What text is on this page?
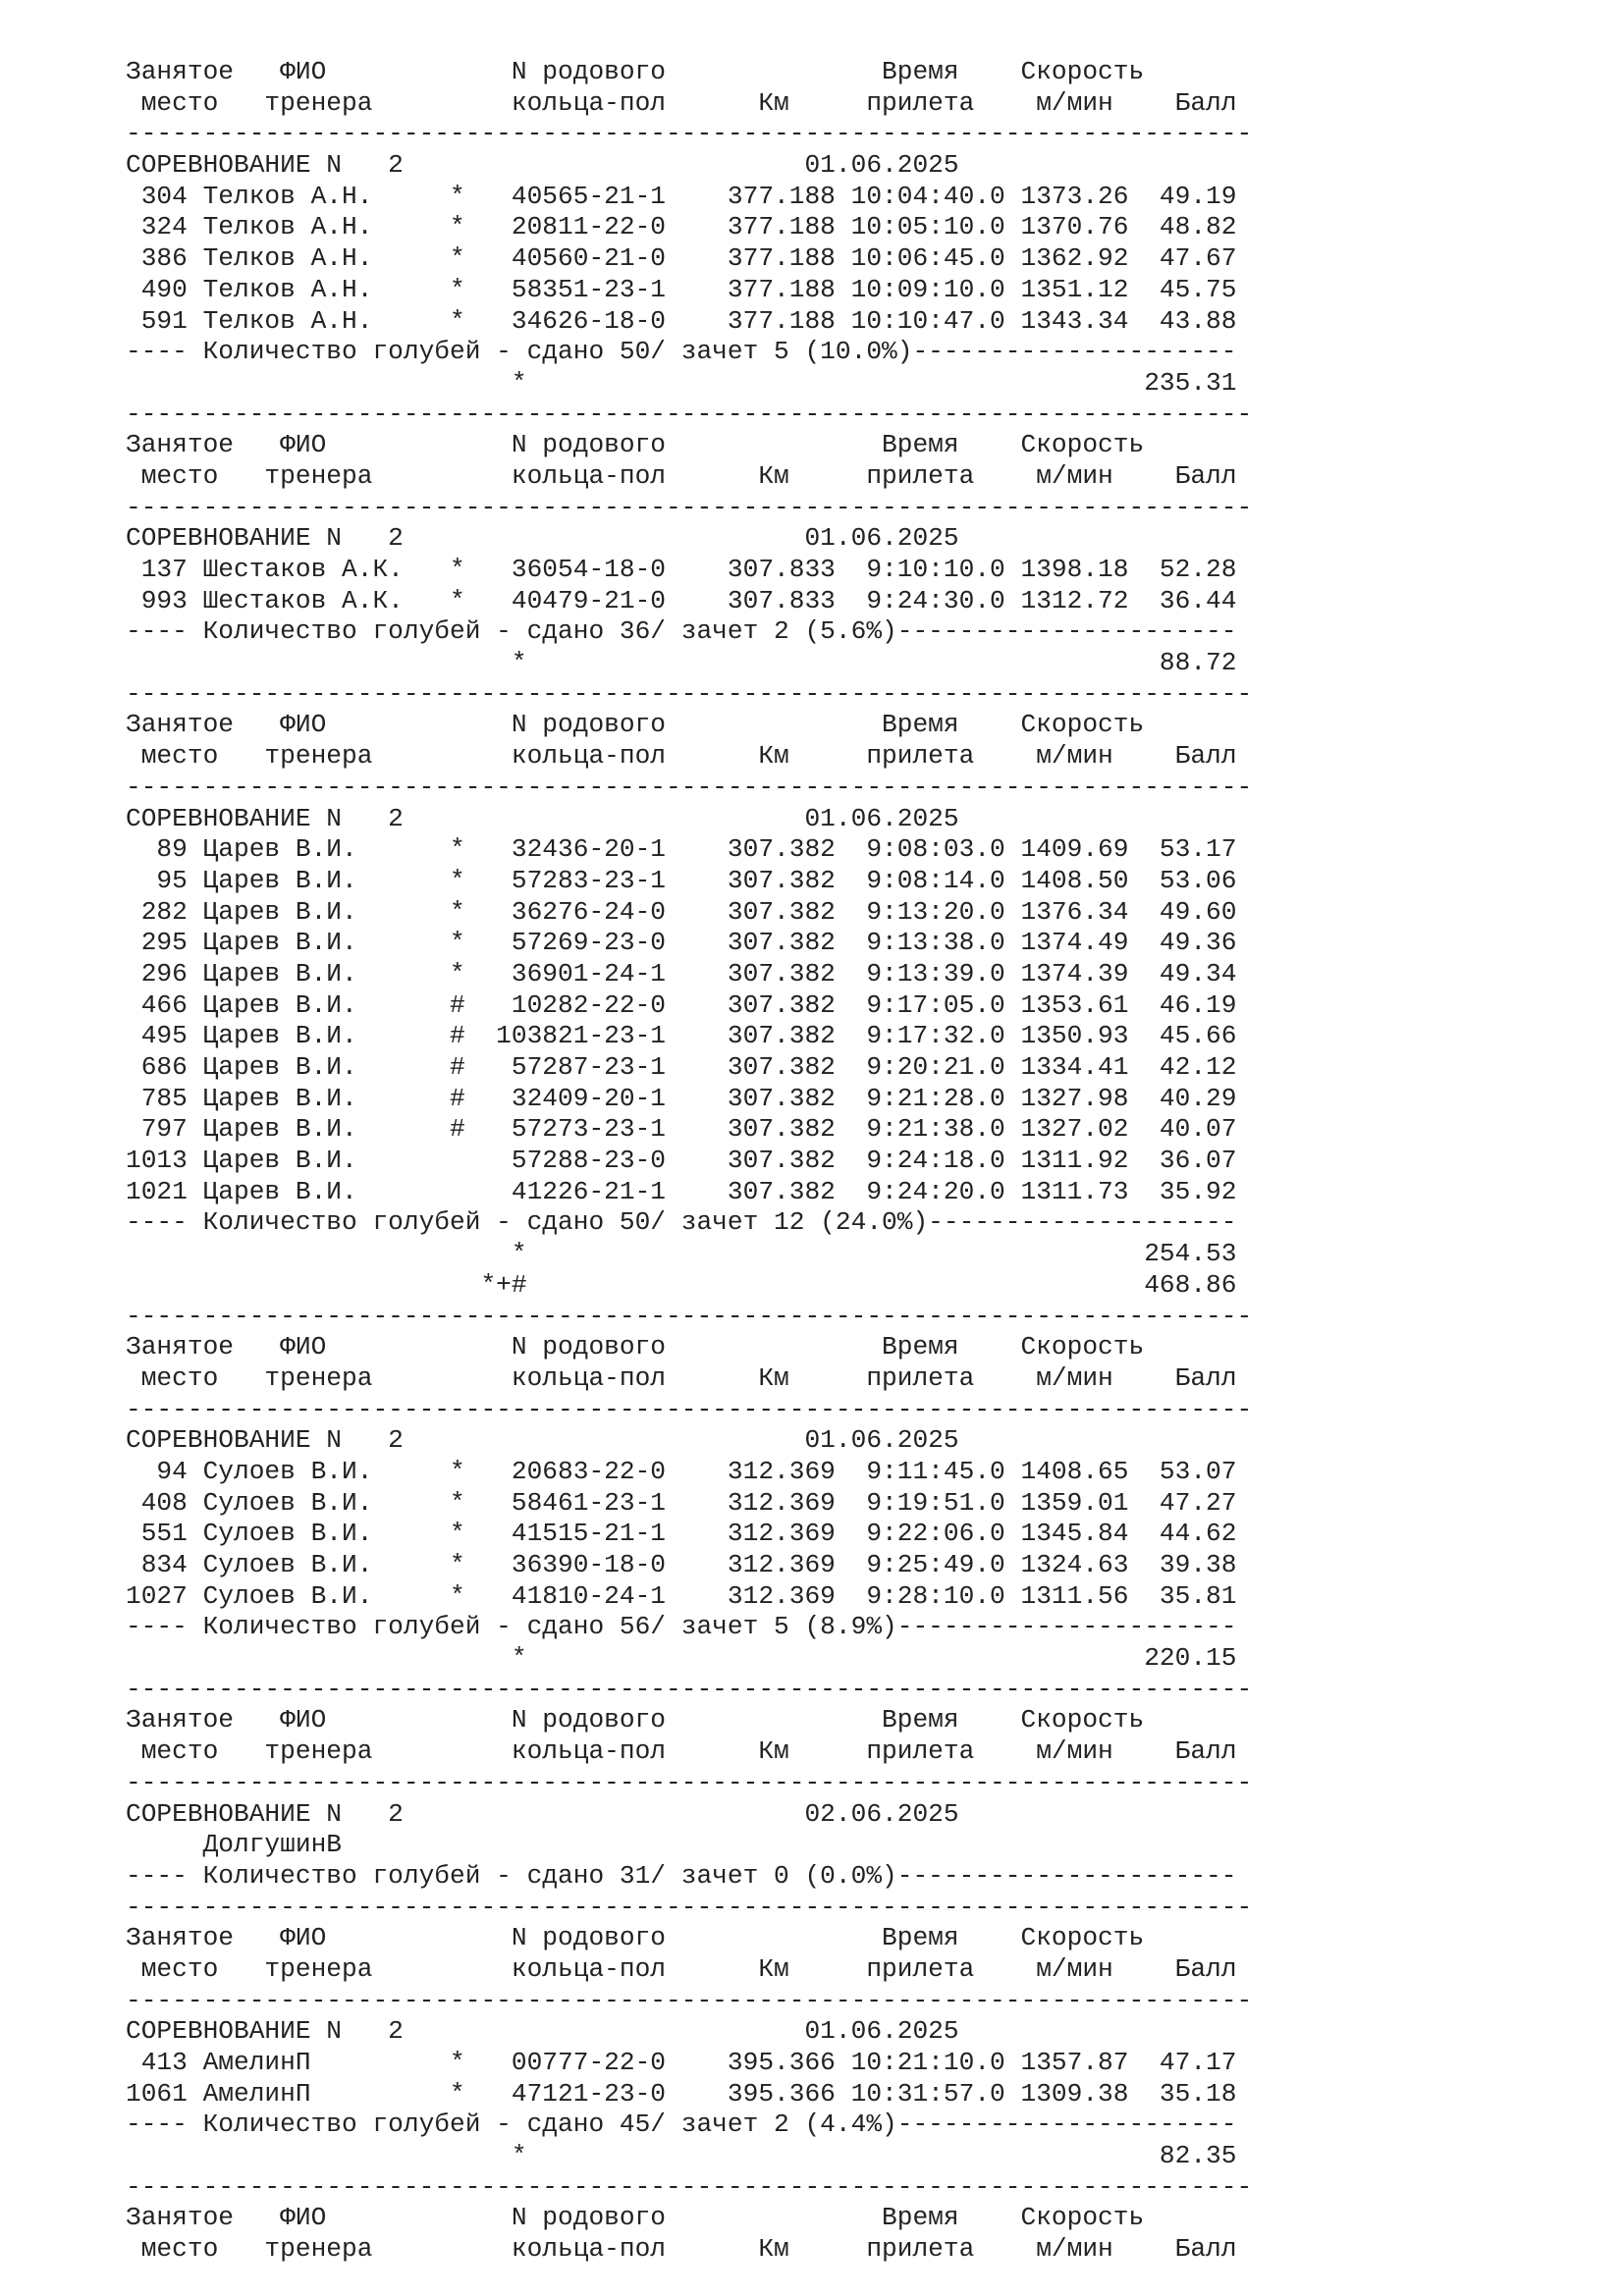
Занятое   ФИО            N родового              Время    Скорость
место   тренера         кольца-пол      Км     прилета    м/мин    Балл
-------------------------------------------------------------------------
СОРЕВНОВАНИЕ N   2                          01.06.2025
304 Телков А.Н.     *   40565-21-1    377.188 10:04:40.0 1373.26  49.19
324 Телков А.Н.     *   20811-22-0    377.188 10:05:10.0 1370.76  48.82
386 Телков А.Н.     *   40560-21-0    377.188 10:06:45.0 1362.92  47.67
490 Телков А.Н.     *   58351-23-1    377.188 10:09:10.0 1351.12  45.75
591 Телков А.Н.     *   34626-18-0    377.188 10:10:47.0 1343.34  43.88
---- Количество голубей - сдано 50/ зачет 5 (10.0%)---------------------
*                                        235.31
-------------------------------------------------------------------------
Занятое   ФИО            N родового              Время    Скорость
место   тренера         кольца-пол      Км     прилета    м/мин    Балл
-------------------------------------------------------------------------
СОРЕВНОВАНИЕ N   2                          01.06.2025
137 Шестаков А.К.   *   36054-18-0    307.833  9:10:10.0 1398.18  52.28
993 Шестаков А.К.   *   40479-21-0    307.833  9:24:30.0 1312.72  36.44
---- Количество голубей - сдано 36/ зачет 2 (5.6%)----------------------
*                                         88.72
-------------------------------------------------------------------------
Занятое   ФИО            N родового              Время    Скорость
место   тренера         кольца-пол      Км     прилета    м/мин    Балл
-------------------------------------------------------------------------
СОРЕВНОВАНИЕ N   2                          01.06.2025
89 Царев В.И.      *   32436-20-1    307.382  9:08:03.0 1409.69  53.17
95 Царев В.И.      *   57283-23-1    307.382  9:08:14.0 1408.50  53.06
282 Царев В.И.      *   36276-24-0    307.382  9:13:20.0 1376.34  49.60
295 Царев В.И.      *   57269-23-0    307.382  9:13:38.0 1374.49  49.36
296 Царев В.И.      *   36901-24-1    307.382  9:13:39.0 1374.39  49.34
466 Царев В.И.      #   10282-22-0    307.382  9:17:05.0 1353.61  46.19
495 Царев В.И.      #  103821-23-1    307.382  9:17:32.0 1350.93  45.66
686 Царев В.И.      #   57287-23-1    307.382  9:20:21.0 1334.41  42.12
785 Царев В.И.      #   32409-20-1    307.382  9:21:28.0 1327.98  40.29
797 Царев В.И.      #   57273-23-1    307.382  9:21:38.0 1327.02  40.07
1013 Царев В.И.          57288-23-0    307.382  9:24:18.0 1311.92  36.07
1021 Царев В.И.          41226-21-1    307.382  9:24:20.0 1311.73  35.92
---- Количество голубей - сдано 50/ зачет 12 (24.0%)--------------------
*                                        254.53
*+#                                        468.86
-------------------------------------------------------------------------
Занятое   ФИО            N родового              Время    Скорость
место   тренера         кольца-пол      Км     прилета    м/мин    Балл
-------------------------------------------------------------------------
СОРЕВНОВАНИЕ N   2                          01.06.2025
94 Сулоев В.И.     *   20683-22-0    312.369  9:11:45.0 1408.65  53.07
408 Сулоев В.И.     *   58461-23-1    312.369  9:19:51.0 1359.01  47.27
551 Сулоев В.И.     *   41515-21-1    312.369  9:22:06.0 1345.84  44.62
834 Сулоев В.И.     *   36390-18-0    312.369  9:25:49.0 1324.63  39.38
1027 Сулоев В.И.     *   41810-24-1    312.369  9:28:10.0 1311.56  35.81
---- Количество голубей - сдано 56/ зачет 5 (8.9%)----------------------
*                                        220.15
-------------------------------------------------------------------------
Занятое   ФИО            N родового              Время    Скорость
место   тренера         кольца-пол      Км     прилета    м/мин    Балл
-------------------------------------------------------------------------
СОРЕВНОВАНИЕ N   2                          02.06.2025
ДолгушинВ
---- Количество голубей - сдано 31/ зачет 0 (0.0%)----------------------
-------------------------------------------------------------------------
Занятое   ФИО            N родового              Время    Скорость
место   тренера         кольца-пол      Км     прилета    м/мин    Балл
-------------------------------------------------------------------------
СОРЕВНОВАНИЕ N   2                          01.06.2025
413 АмелинП         *   00777-22-0    395.366 10:21:10.0 1357.87  47.17
1061 АмелинП         *   47121-23-0    395.366 10:31:57.0 1309.38  35.18
---- Количество голубей - сдано 45/ зачет 2 (4.4%)----------------------
*                                         82.35
-------------------------------------------------------------------------
Занятое   ФИО            N родового              Время    Скорость
место   тренера         кольца-пол      Км     прилета    м/мин    Балл
